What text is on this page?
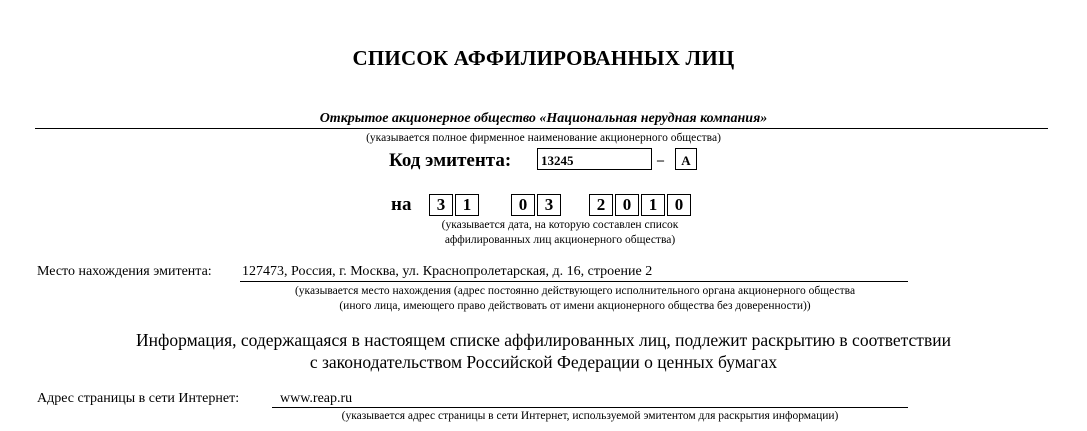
СПИСОК АФФИЛИРОВАННЫХ ЛИЦ
Открытое акционерное общество «Национальная нерудная компания»
(указывается полное фирменное наименование акционерного общества)
Код эмитента:	13245	–	A
на	3	1	0	3	2	0	1	0
(указывается дата, на которую составлен список
аффилированных лиц акционерного общества)
Место нахождения эмитента: 127473, Россия, г. Москва, ул. Краснопролетарская, д. 16, строение 2
(указывается место нахождения (адрес постоянно действующего исполнительного органа акционерного общества
(иного лица, имеющего право действовать от имени акционерного общества без доверенности))
Информация, содержащаяся в настоящем списке аффилированных лиц, подлежит раскрытию в соответствии
с законодательством Российской Федерации о ценных бумагах
Адрес страницы в сети Интернет:	www.reap.ru
(указывается адрес страницы в сети Интернет, используемой эмитентом для раскрытия информации)
